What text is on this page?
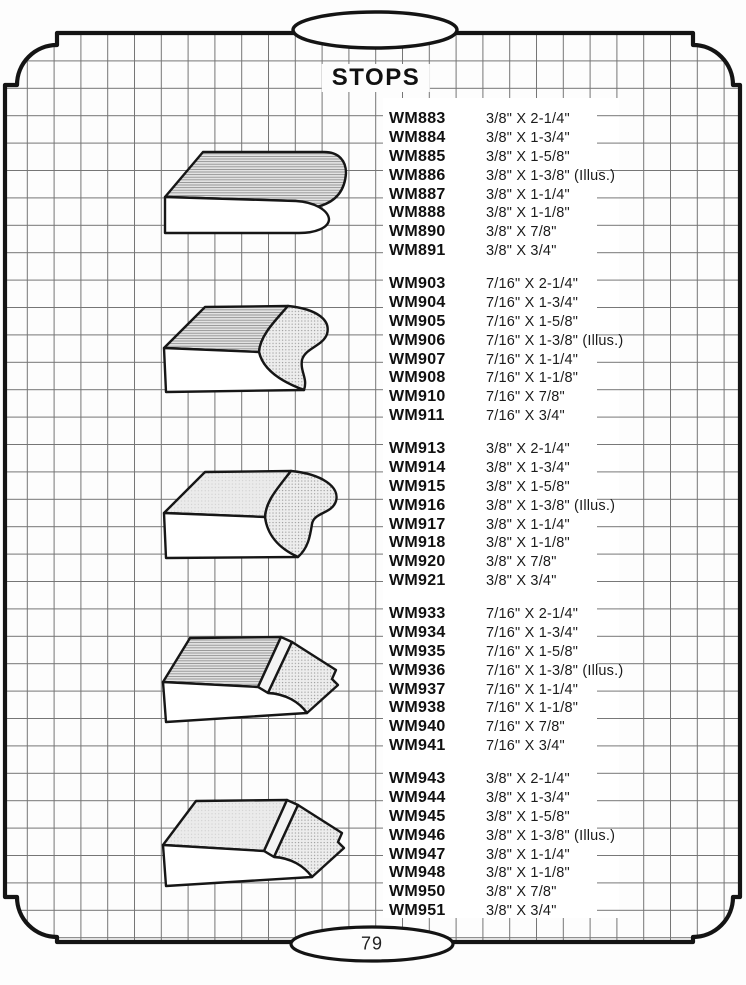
STOPS
WM883	3/8" X 2-1/4"
WM884	3/8" X 1-3/4"
WM885	3/8" X 1-5/8"
WM886	3/8" X 1-3/8" (Illus.)
WM887	3/8" X 1-1/4"
WM888	3/8" X 1-1/8"
WM890	3/8" X 7/8"
WM891	3/8" X 3/4"
WM903	7/16" X 2-1/4"
WM904	7/16" X 1-3/4"
WM905	7/16" X 1-5/8"
WM906	7/16" X 1-3/8" (Illus.)
WM907	7/16" X 1-1/4"
WM908	7/16" X 1-1/8"
WM910	7/16" X 7/8"
WM911	7/16" X 3/4"
WM913	3/8" X 2-1/4"
WM914	3/8" X 1-3/4"
WM915	3/8" X 1-5/8"
WM916	3/8" X 1-3/8" (Illus.)
WM917	3/8" X 1-1/4"
WM918	3/8" X 1-1/8"
WM920	3/8" X 7/8"
WM921	3/8" X 3/4"
WM933	7/16" X 2-1/4"
WM934	7/16" X 1-3/4"
WM935	7/16" X 1-5/8"
WM936	7/16" X 1-3/8" (Illus.)
WM937	7/16" X 1-1/4"
WM938	7/16" X 1-1/8"
WM940	7/16" X 7/8"
WM941	7/16" X 3/4"
WM943	3/8" X 2-1/4"
WM944	3/8" X 1-3/4"
WM945	3/8" X 1-5/8"
WM946	3/8" X 1-3/8" (Illus.)
WM947	3/8" X 1-1/4"
WM948	3/8" X 1-1/8"
WM950	3/8" X 7/8"
WM951	3/8" X 3/4"
79
